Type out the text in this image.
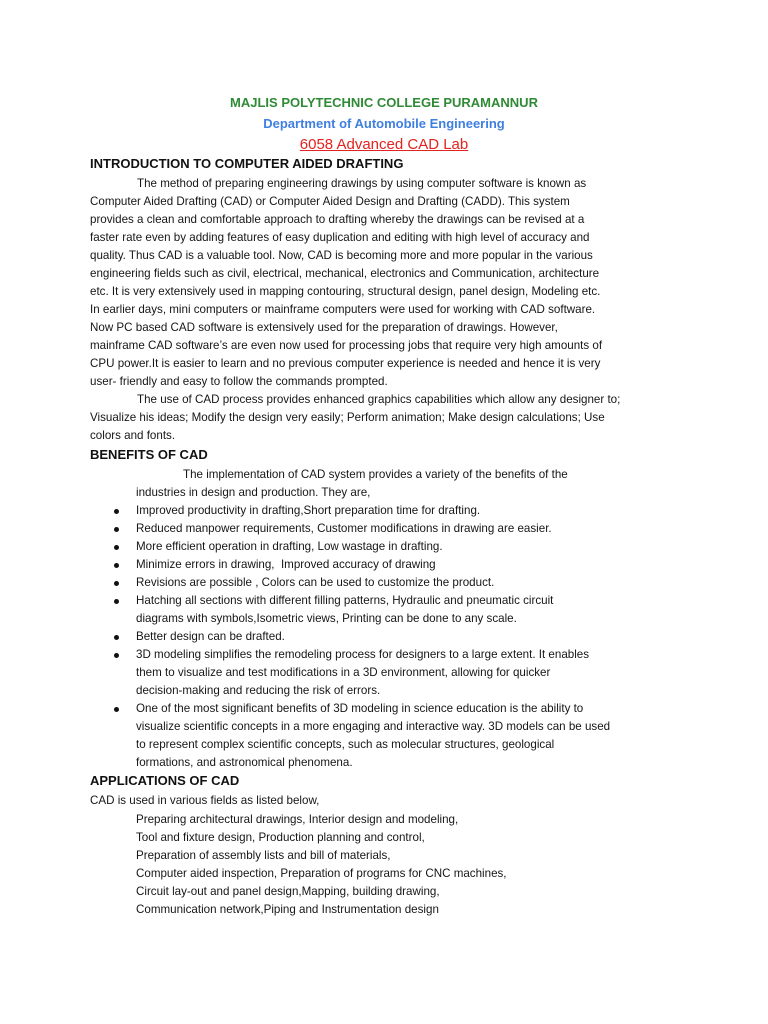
MAJLIS POLYTECHNIC COLLEGE PURAMANNUR
Department of Automobile Engineering
6058 Advanced CAD Lab
INTRODUCTION TO COMPUTER AIDED DRAFTING
The method of preparing engineering drawings by using computer software is known as
Computer Aided Drafting (CAD) or Computer Aided Design and Drafting (CADD). This system
provides a clean and comfortable approach to drafting whereby the drawings can be revised at a
faster rate even by adding features of easy duplication and editing with high level of accuracy and
quality. Thus CAD is a valuable tool. Now, CAD is becoming more and more popular in the various
engineering fields such as civil, electrical, mechanical, electronics and Communication, architecture
etc. It is very extensively used in mapping contouring, structural design, panel design, Modeling etc.
In earlier days, mini computers or mainframe computers were used for working with CAD software.
Now PC based CAD software is extensively used for the preparation of drawings. However,
mainframe CAD software’s are even now used for processing jobs that require very high amounts of
CPU power.It is easier to learn and no previous computer experience is needed and hence it is very
user- friendly and easy to follow the commands prompted.
The use of CAD process provides enhanced graphics capabilities which allow any designer to;
Visualize his ideas; Modify the design very easily; Perform animation; Make design calculations; Use
colors and fonts.
BENEFITS OF CAD
The implementation of CAD system provides a variety of the benefits of the
industries in design and production. They are,
Improved productivity in drafting,Short preparation time for drafting.
Reduced manpower requirements, Customer modifications in drawing are easier.
More efficient operation in drafting, Low wastage in drafting.
Minimize errors in drawing,  Improved accuracy of drawing
Revisions are possible , Colors can be used to customize the product.
Hatching all sections with different filling patterns, Hydraulic and pneumatic circuit
diagrams with symbols,Isometric views, Printing can be done to any scale.
Better design can be drafted.
3D modeling simplifies the remodeling process for designers to a large extent. It enables
them to visualize and test modifications in a 3D environment, allowing for quicker
decision-making and reducing the risk of errors.
One of the most significant benefits of 3D modeling in science education is the ability to
visualize scientific concepts in a more engaging and interactive way. 3D models can be used
to represent complex scientific concepts, such as molecular structures, geological
formations, and astronomical phenomena.
APPLICATIONS OF CAD
CAD is used in various fields as listed below,
Preparing architectural drawings, Interior design and modeling,
Tool and fixture design, Production planning and control,
Preparation of assembly lists and bill of materials,
Computer aided inspection, Preparation of programs for CNC machines,
Circuit lay-out and panel design,Mapping, building drawing,
Communication network,Piping and Instrumentation design
